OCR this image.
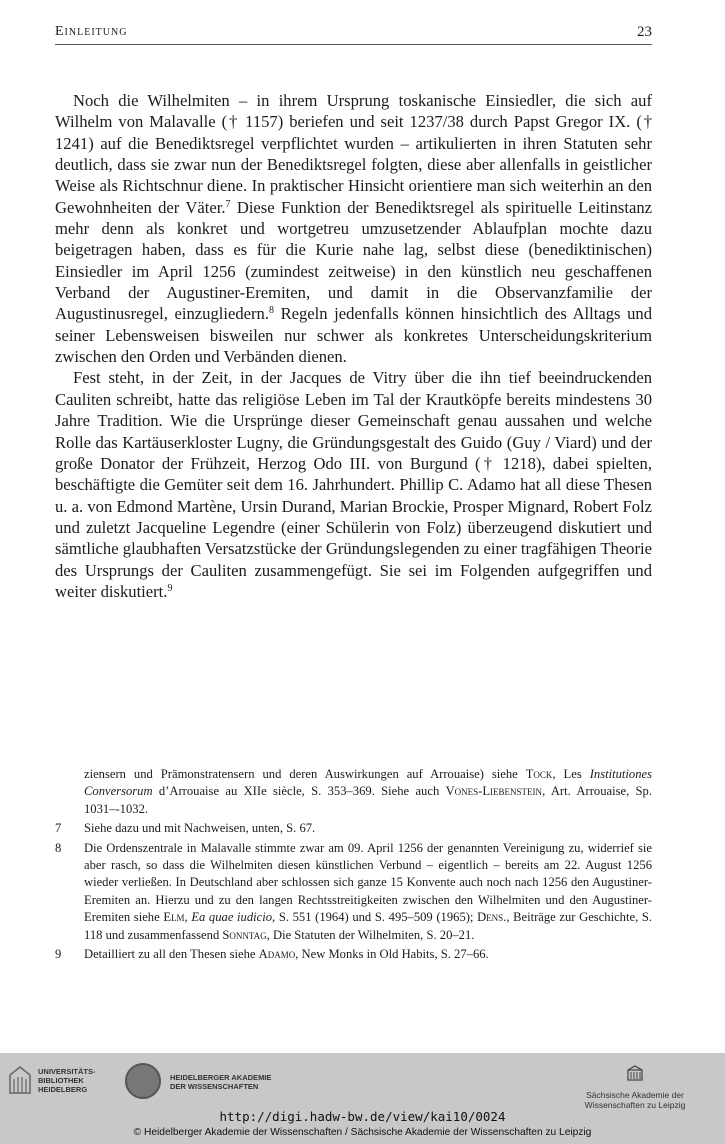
Einleitung	23

Noch die Wilhelmiten – in ihrem Ursprung toskanische Einsiedler, die sich auf Wilhelm von Malavalle († 1157) beriefen und seit 1237/38 durch Papst Gregor IX. († 1241) auf die Benediktsregel verpflichtet wurden – artikulierten in ihren Statuten sehr deutlich, dass sie zwar nun der Benediktsregel folgten, diese aber allenfalls in geistlicher Weise als Richtschnur diene. In praktischer Hinsicht orientiere man sich weiterhin an den Gewohnheiten der Väter.$^7$ Diese Funktion der Benediktsregel als spirituelle Leitinstanz mehr denn als konkret und wortgetreu umzusetzender Ablaufplan mochte dazu beigetragen haben, dass es für die Kurie nahe lag, selbst diese (benediktinischen) Einsiedler im April 1256 (zumindest zeitweise) in den künstlich neu geschaffenen Verband der Augustiner-Eremiten, und damit in die Observanzfamilie der Augustinusregel, einzugliedern.$^8$ Regeln jedenfalls können hinsichtlich des Alltags und seiner Lebensweisen bisweilen nur schwer als konkretes Unterscheidungskriterium zwischen den Orden und Verbänden dienen.

Fest steht, in der Zeit, in der Jacques de Vitry über die ihn tief beeindruckenden Cauliten schreibt, hatte das religiöse Leben im Tal der Krautköpfe bereits mindestens 30 Jahre Tradition. Wie die Ursprünge dieser Gemeinschaft genau aussahen und welche Rolle das Kartäuserkloster Lugny, die Gründungsgestalt des Guido (Guy / Viard) und der große Donator der Frühzeit, Herzog Odo III. von Burgund († 1218), dabei spielten, beschäftigte die Gemüter seit dem 16. Jahrhundert. Phillip C. Adamo hat all diese Thesen u. a. von Edmond Martène, Ursin Durand, Marian Brockie, Prosper Mignard, Robert Folz und zuletzt Jacqueline Legendre (einer Schülerin von Folz) überzeugend diskutiert und sämtliche glaubhaften Versatzstücke der Gründungslegenden zu einer tragfähigen Theorie des Ursprungs der Cauliten zusammengefügt. Sie sei im Folgenden aufgegriffen und weiter diskutiert.$^9$

ziensern und Prämonstratensern und deren Auswirkungen auf Arrouaise) siehe Tock, Les Institutiones Conversorum d’Arrouaise au XIIe siècle, S. 353–369. Siehe auch Vones-Liebenstein, Art. Arrouaise, Sp. 1031–-1032.
7 Siehe dazu und mit Nachweisen, unten, S. 67.
8 Die Ordenszentrale in Malavalle stimmte zwar am 09. April 1256 der genannten Vereinigung zu, widerrief sie aber rasch, so dass die Wilhelmiten diesen künstlichen Verbund – eigentlich – bereits am 22. August 1256 wieder verließen. In Deutschland aber schlossen sich ganze 15 Konvente auch noch nach 1256 den Augustiner-Eremiten an. Hierzu und zu den langen Rechtsstreitigkeiten zwischen den Wilhelmiten und den Augustiner-Eremiten siehe Elm, Ea quae iudicio, S. 551 (1964) und S. 495–509 (1965); Dens., Beiträge zur Geschichte, S. 118 und zusammenfassend Sonntag, Die Statuten der Wilhelmiten, S. 20–21.
9 Detailliert zu all den Thesen siehe Adamo, New Monks in Old Habits, S. 27–66.
UNIVERSITÄTS-
BIBLIOTHEK
HEIDELBERG
HEIDELBERGER AKADEMIE
DER WISSENSCHAFTEN
Sächsische Akademie der Wissenschaften zu Leipzig
http://digi.hadw-bw.de/view/kai10/0024
© Heidelberger Akademie der Wissenschaften / Sächsische Akademie der Wissenschaften zu Leipzig
